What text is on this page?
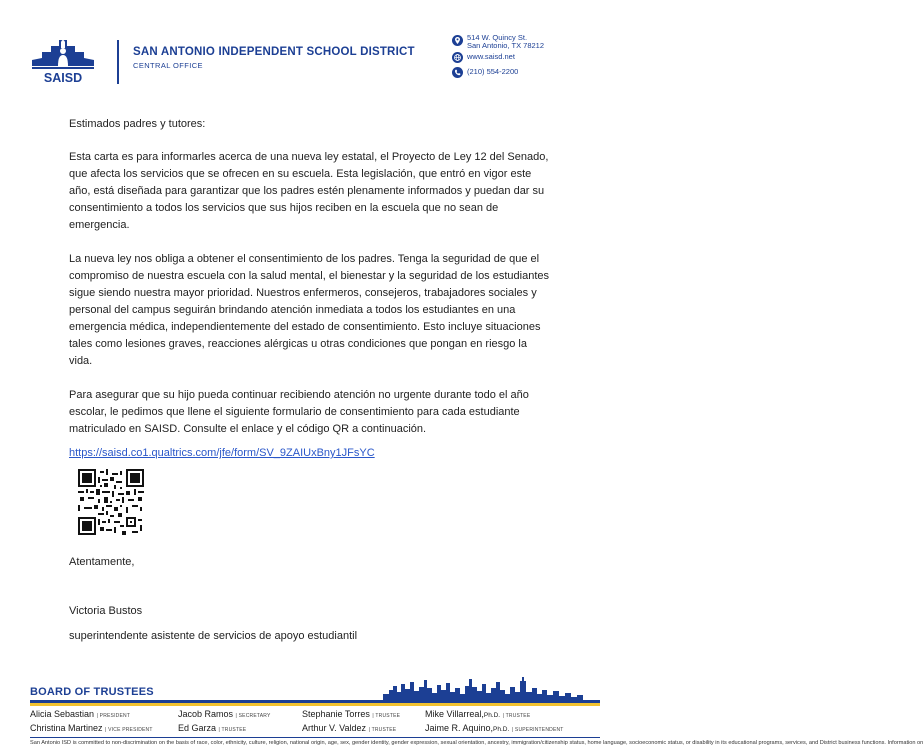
SAISD
SAN ANTONIO INDEPENDENT SCHOOL DISTRICT
CENTRAL OFFICE
514 W. Quincy St.
San Antonio, TX 78212
www.saisd.net
(210) 554-2200

Estimados padres y tutores:

Esta carta es para informarles acerca de una nueva ley estatal, el Proyecto de Ley 12 del Senado, que afecta los servicios que se ofrecen en su escuela. Esta legislación, que entró en vigor este año, está diseñada para garantizar que los padres estén plenamente informados y puedan dar su consentimiento a todos los servicios que sus hijos reciben en la escuela que no sean de emergencia.

La nueva ley nos obliga a obtener el consentimiento de los padres. Tenga la seguridad de que el compromiso de nuestra escuela con la salud mental, el bienestar y la seguridad de los estudiantes sigue siendo nuestra mayor prioridad. Nuestros enfermeros, consejeros, trabajadores sociales y personal del campus seguirán brindando atención inmediata a todos los estudiantes en una emergencia médica, independientemente del estado de consentimiento. Esto incluye situaciones tales como lesiones graves, reacciones alérgicas u otras condiciones que pongan en riesgo la vida.

Para asegurar que su hijo pueda continuar recibiendo atención no urgente durante todo el año escolar, le pedimos que llene el siguiente formulario de consentimiento para cada estudiante matriculado en SAISD. Consulte el enlace y el código QR a continuación.

https://saisd.co1.qualtrics.com/jfe/form/SV_9ZAIUxBny1JFsYC

Atentamente,

Victoria Bustos

superintendente asistente de servicios de apoyo estudiantil

BOARD OF TRUSTEES
Alicia Sebastian | PRESIDENT
Christina Martinez | VICE PRESIDENT
Jacob Ramos | SECRETARY
Ed Garza | TRUSTEE
Stephanie Torres | TRUSTEE
Arthur V. Valdez | TRUSTEE
Mike Villarreal,Ph.D. | TRUSTEE
Jaime R. Aquino,Ph.D. | SUPERINTENDENT
San Antonio ISD is committed to non-discrimination on the basis of race, color, ethnicity, culture, religion, national origin, age, sex, gender identity, gender expression, sexual orientation, ancestry, immigration/citizenship status, home language, socioeconomic status, or disability in its educational programs, services, and District business functions. Information on
